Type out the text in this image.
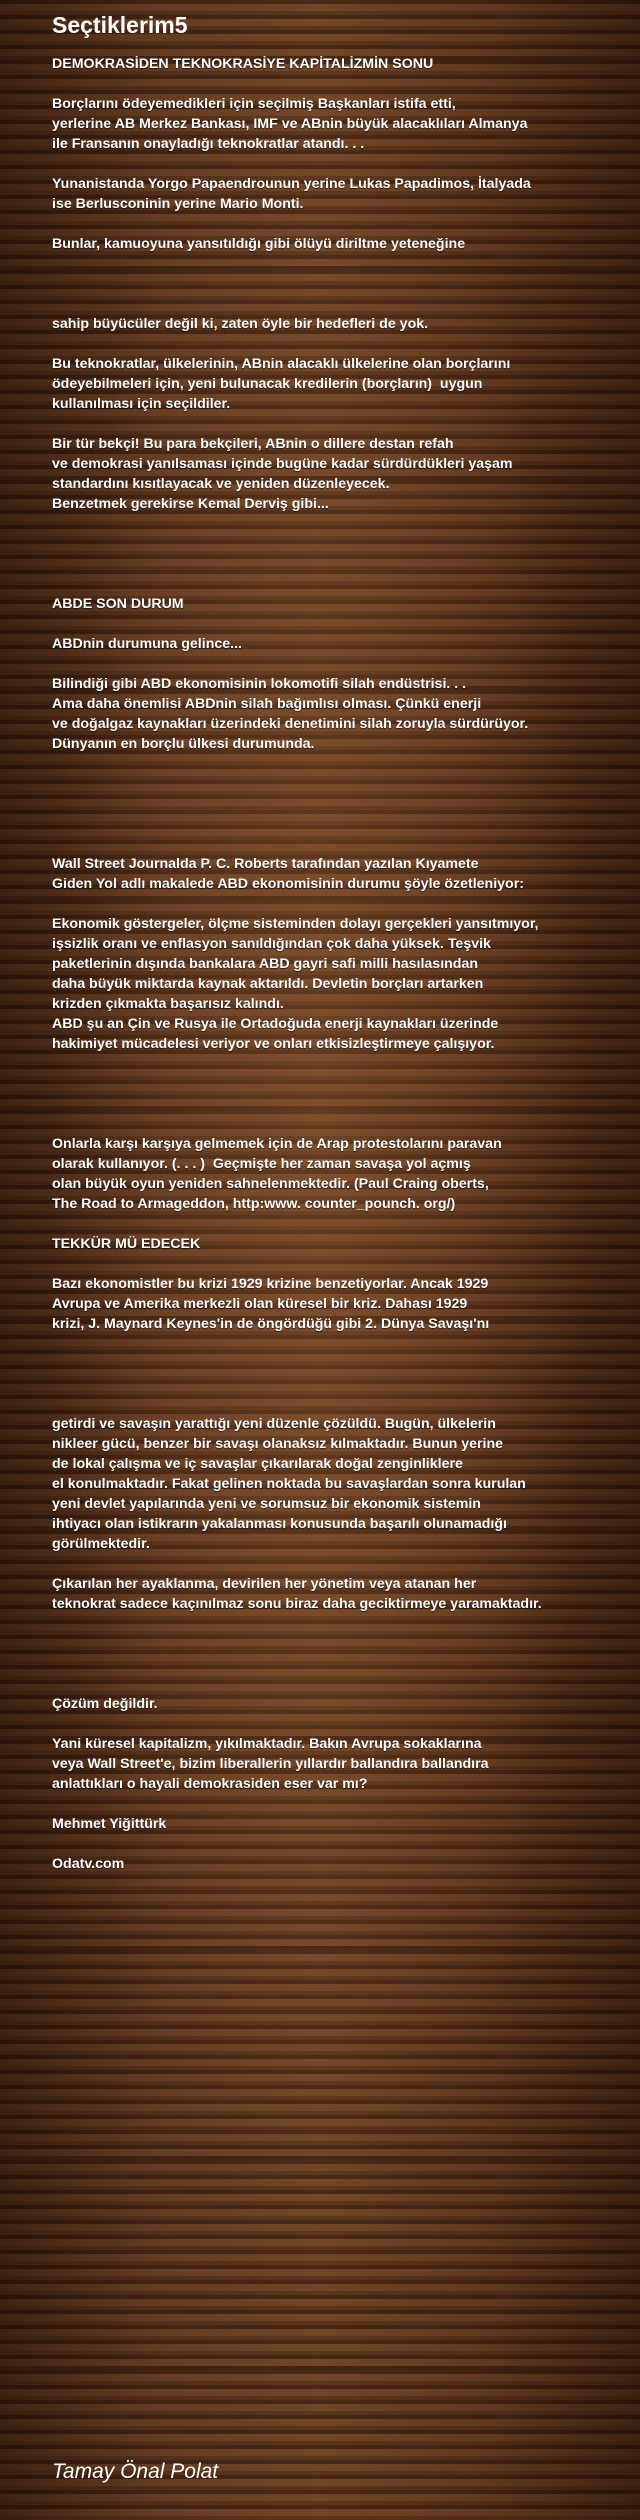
Seçtiklerim5
DEMOKRASİDEN TEKNOKRASİYE KAPİTALİZMİN SONU

Borçlarını ödeyemedikleri için seçilmiş Başkanları istifa etti,
yerlerine AB Merkez Bankası, IMF ve ABnin büyük alacaklıları Almanya
ile Fransanın onayladığı teknokratlar atandı. . .

Yunanistanda Yorgo Papaendrounun yerine Lukas Papadimos, İtalyada
ise Berlusconinin yerine Mario Monti.

Bunlar, kamuoyuna yansıtıldığı gibi ölüyü diriltme yeteneğine

sahip büyücüler değil ki, zaten öyle bir hedefleri de yok.

Bu teknokratlar, ülkelerinin, ABnin alacaklı ülkelerine olan borçlarını
ödeyebilmeleri için, yeni bulunacak kredilerin (borçların)  uygun
kullanılması için seçildiler.

Bir tür bekçi! Bu para bekçileri, ABnin o dillere destan refah
ve demokrasi yanılsaması içinde bugüne kadar sürdürdükleri yaşam
standardını kısıtlayacak ve yeniden düzenleyecek.
Benzetmek gerekirse Kemal Derviş gibi...

ABDE SON DURUM

ABDnin durumuna gelince...

Bilindiği gibi ABD ekonomisinin lokomotifi silah endüstrisi. . .
Ama daha önemlisi ABDnin silah bağımlısı olması. Çünkü enerji
ve doğalgaz kaynakları üzerindeki denetimini silah zoruyla sürdürüyor.
Dünyanın en borçlu ülkesi durumunda.

Wall Street Journalda P. C. Roberts tarafından yazılan Kıyamete
Giden Yol adlı makalede ABD ekonomisinin durumu şöyle özetleniyor:

Ekonomik göstergeler, ölçme sisteminden dolayı gerçekleri yansıtmıyor,
işsizlik oranı ve enflasyon sanıldığından çok daha yüksek. Teşvik
paketlerinin dışında bankalara ABD gayri safi milli hasılasından
daha büyük miktarda kaynak aktarıldı. Devletin borçları artarken
krizden çıkmakta başarısız kalındı.
ABD şu an Çin ve Rusya ile Ortadoğuda enerji kaynakları üzerinde
hakimiyet mücadelesi veriyor ve onları etkisizleştirmeye çalışıyor.

Onlarla karşı karşıya gelmemek için de Arap protestolarını paravan
olarak kullanıyor. (. . . )  Geçmişte her zaman savaşa yol açmış
olan büyük oyun yeniden sahnelenmektedir. (Paul Craing oberts,
The Road to Armageddon, http:www. counter_pounch. org/)

TEKKÜR MÜ EDECEK

Bazı ekonomistler bu krizi 1929 krizine benzetiyorlar. Ancak 1929
Avrupa ve Amerika merkezli olan küresel bir kriz. Dahası 1929
krizi, J. Maynard Keynes'in de öngördüğü gibi 2. Dünya Savaşı'nı

getirdi ve savaşın yarattığı yeni düzenle çözüldü. Bugün, ülkelerin
nikleer gücü, benzer bir savaşı olanaksız kılmaktadır. Bunun yerine
de lokal çalışma ve iç savaşlar çıkarılarak doğal zenginliklere
el konulmaktadır. Fakat gelinen noktada bu savaşlardan sonra kurulan
yeni devlet yapılarında yeni ve sorumsuz bir ekonomik sistemin
ihtiyacı olan istikrarın yakalanması konusunda başarılı olunamadığı
görülmektedir.

Çıkarılan her ayaklanma, devirilen her yönetim veya atanan her
teknokrat sadece kaçınılmaz sonu biraz daha geciktirmeye yaramaktadır.

Çözüm değildir.

Yani küresel kapitalizm, yıkılmaktadır. Bakın Avrupa sokaklarına
veya Wall Street'e, bizim liberallerin yıllardır ballandıra ballandıra
anlattıkları o hayali demokrasiden eser var mı?

Mehmet Yiğittürk

Odatv.com
Tamay Önal Polat
